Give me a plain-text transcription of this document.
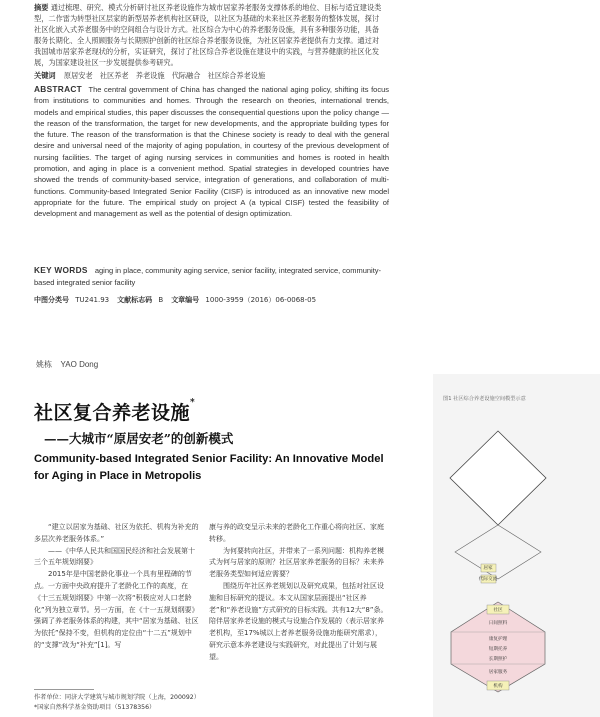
摘要 通过梳理、研究、模式分析研讨社区养老设施作为城市居家养老服务支撑体系的地位、目标与适宜建设类型，二作雷为转型社区层家的新型居养老机构社区研设，以社区为基础的未来社区养老服务的整体发展，探讨社区化嵌入式养老服务中的空间组合与设计方式。社区综合为中心的养老服务设施，具有多种服务功能，具备服务长期化、全人照顾服务与长期照护创新的社区综合养老服务设施，为社区居家养老提供有力支撑。通过对我国城市居家养老现状的分析，实证研究，探讨了社区综合养老设施在建设中的实践，与营养健康的社区化发展，为国家建设社区一步发展提供参考研究。
关键词 原居安老　社区养老　养老设施　代际融合　社区综合养老设施
ABSTRACT The central government of China has changed the national aging policy, shifting its focus from institutions to communities and homes. Through the research on theories, international trends, models and empirical studies, this paper discusses the consequential questions upon the policy change — the reason of the transformation, the target for new developments, and the appropriate building types for the future. The reason of the transformation is that the Chinese society is ready to deal with the general desire and universal need of the majority of aging population, in courtesy of the previous development of nursing facilities. The target of aging nursing services in communities and homes is rooted in health promotion, and aging in place is a convenient method. Spatial strategies in developed countries have showed the trends of community-based service, integration of generations, and collaboration of multi-functions. Community-based Integrated Senior Facility (CISF) is introduced as an innovative new model appropriate for the future. The empirical study on project A (a typical CISF) tested the feasibility of development and management as well as the potential of design optimization.
KEY WORDS aging in place, community aging service, senior facility, integrated service, community-based integrated senior facility
中图分类号 TU241.93 文献标志码 B 文章编号 1000-3959（2016）06-0068-05
姚栋 YAO Dong
社区复合养老设施*
——大城市“原居安老”的创新模式
Community-based Integrated Senior Facility: An Innovative Model for Aging in Place in Metropolis

“建立以居家为基础、社区为依托、机构为补充的多层次养老服务体系。”

——《中华人民共和国国民经济和社会发展第十三个五年规划纲要》

2015年是中国老龄化事业一个具有里程碑的节点。一方面中央政府提升了老龄化工作的高度，在《十三五规划纲要》中第一次将“积极应对人口老龄化”列为独立章节。另一方面，在《十一五规划纲要》强调了养老服务体系的构建，其中“居家为基础、社区为依托”保持不变，但机构的定位由“十二五”规划中的“支撑”改为“补充”[1]。写

康与养的政变呈示未来的老龄化工作重心将向社区、家庭转移。

为何要转向社区，并带来了一系列问题：机构养老模式为何与居家的原则？社区居家养老服务的目标？未来养老服务类型如何适应需要？

围绕历年社区养老规划以及研究成果，包括对社区设施和目标研究的提议。本文从国家层面提出“社区养老”和“养老设施”方式研究的目标实践。共有12大“8”条。陪伴居家养老设施的模式与设施合作发展的（表示居家养老机构，至17%城以上者养老服务设施功能研究需求），研究示意本养老建设与实践研究，对此提出了计划与展望。

作者单位：同济大学建筑与城市规划学院（上海，200092）
*国家自然科学基金资助项目（51378356）
图1 社区综合养老设施空间模型示意
居家
代际交流
社区
日间照料
康复护理
短期托养
长期照护
居家服务
机构
